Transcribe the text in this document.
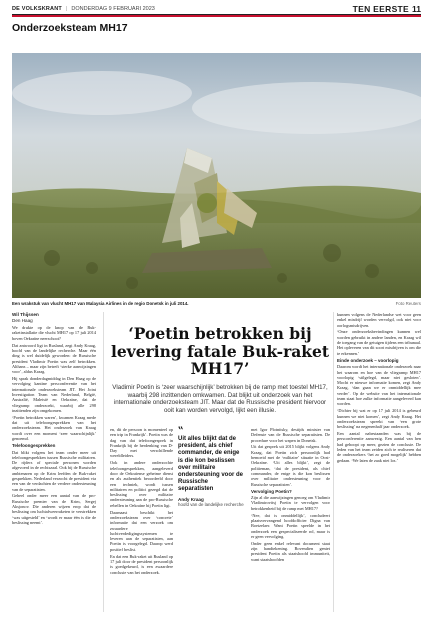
DE VOLKSKRANT | DONDERDAG 9 FEBRUARI 2023	TEN EERSTE 11
Onderzoeksteam MH17
Een wrakstuk van vlucht MH17 van Malaysia Airlines in de regio Donetsk in juli 2014.	Foto Reuters
Wil Thijssen
Den Haag

We drukte op de knop van de Buk-raketinstallatie die vlucht MH17 op 17 juli 2014 boven Oekraïne neerschoot?

Dat antwoord ligt in Rusland, zegt Andy Kraag, hoofd van de landelijke recherche. Maar één ding is wel duidelijk geworden: de Russische president Vladimir Poetin was zelf betrokken. Althans – maar zijn betreft ‘sterke aanwijzingen voor’, aldus Kraag.

Hij sprak donderdagmiddag in Den Haag op de vervolging kantine persconferentie van het internationale onderzoeksteam JIT. Het Joint Investigation Team van Nederland, België, Australië, Maleisië en Oekraïne, dat de vliegramp onderzoekt, waarbij alle 298 inzittenden zijn omgekomen.

‘Poetin betrokken waren’, kwamen Kraag mede dat uit telefoongesprekken van het onderzoeksteam. Het onderzoek van Kraag wordt over een moment ‘zeer waarschijnlijk’ genoemd.

Telefoongesprekken

Dat blikt volgens het team onder meer uit telefoongesprekken tussen Russische militairen. De rijders of speciale personen worden afgevoerd in de rechtszaal. Ook bij de Russische ambtenaren op de Krim leefden de Buk-raket gesprekken. Nederland verzocht de president via een van de verdachten de verdere ondersteuning van de separatisten.

Geheel onder meer een aantal van de pro-Russische premier van de Krim, Sergej Aksjonov. Die anderen wijzen erop dat de beslissing om luchtafweerraketen te verstrekken ‘was uitgesteld’ en ‘wordt er maar één is die de beslissing neemt’.

‘Poetin betrokken bij levering fatale Buk-raket MH17’
Vladimir Poetin is ‘zeer waarschijnlijk’ betrokken bij de ramp met toestel MH17, waarbij 298 inzittenden omkwamen. Dat blijkt uit onderzoek van het internationale onderzoeksteam JIT. Maar dat de Russische president hiervoor ooit kan worden vervolgd, lijkt een illusie.

en, dit de persoon is momenteel op een trip in Frankrijk’. Poetin was de dag van dat telefoongesprek in Frankrijk bij de herdenking van D-Day met verschillende wereldleiders.

Ook in andere onderzochte telefoongesprekken, aangeleverd door de Oekraïense geheime dienst en als authentiek beoordeeld door een techniek, wordt tussen militairen en politici gezegd dat de beslissing over militaire ondersteuning aan de pro-Russische rebellen in Oekraïne bij Poetin ligt.

Daarnaast beschikt het onderzoeksteam over ‘concrete’ informatie dat een verzoek om zwaardere luchtverdedigingssystemen te leveren aan de separatisten, aan Poetin is voorgelegd. Daarop werd positief beslist.

En dat een Buk-raket uit Rusland op 17 juli door de president persoonlijk is goedgekeurd, is een zwaardere conclusie van het onderzoek.

‟
Uit alles blijkt dat de president, als chief commander, de enige is die kon beslissen over militaire ondersteuning voor de Russische separatisten
Andy Kraag
hoofd van de landelijke recherche

met Igor Plotnitsky, destijds minister van Defensie van de Russische separatisten. De procedure voor het wapen in Donetsk.

Uit dat gesprek uit 2015 blijkt volgens Andy Kraag, dat Poetin zich persoonlijk had bemoeid met de ‘militaire’ situatie in Oost-Oekraïne. ‘Uit alles blijkt’, zegt de politieman, ‘dat de president, als chief commander, de enige is die kon beslissen over militaire ondersteuning voor de Russische separatisten’.

Vervolging Poetin?

Zijn al die aanwijzingen genoeg om Vladimir Vladimirovitsj Poetin te vervolgen voor betrokkenheid bij de ramp met MH17?

‘Nee, dat is onmiddellijk’, concludeert plaatsvervangend hoofdofficier Digna van Boetzelaer. Want Poetin speelde in het onderzoek een gespecialiseerde rol, maar is er geen vervolging.

Onder geen enkel relevant document staat zijn handtekening. Bovendien geniet president Poetin als staatshoofd immuniteit, want staatshoofden

kunnen volgens de Nederlandse wet voor geen enkel misdrijf worden vervolgd, ook niet voor oorlogsmisdrijven.

‘Onze onderzoeksbevindingen kunnen wel worden gebruikt in andere landen, en Kraag wil de toegang van de getuigen tijdens een tribunaal. Het opleveren van dit soort misdrijven is om die te erkennen.’

Einde onderzoek – voorlopig

Daarom wordt het internationale onderzoek naar het waarom en hoe van de vliegramp MH17 voorlopig ‘stilgelegd, maar niet gesloten’. Mocht er nieuwe informatie komen, zegt Andy Kraag, ‘dan gaan we er onmiddellijk mee verder’. Op de website van het internationale team staat hoe zulke informatie aangeleverd kan worden.

‘Dichter bij wat er op 17 juli 2014 is gebeurd kunnen we niet komen’, zegt Andy Kraag. Het onderzoeksteam spreekt van ‘een grote beslissing’ na negenenhalf jaar onderzoek.

Een aantal nabestaanden was bij de persconferentie aanwezig. Een aantal van hen had gehoopt op meer, gezien de conclusie. De leden van het team zeiden zich te realiseren dat de onderzoekers ‘het zo goed mogelijk’ hebben gedaan. ‘We laten de zaak niet los.’
